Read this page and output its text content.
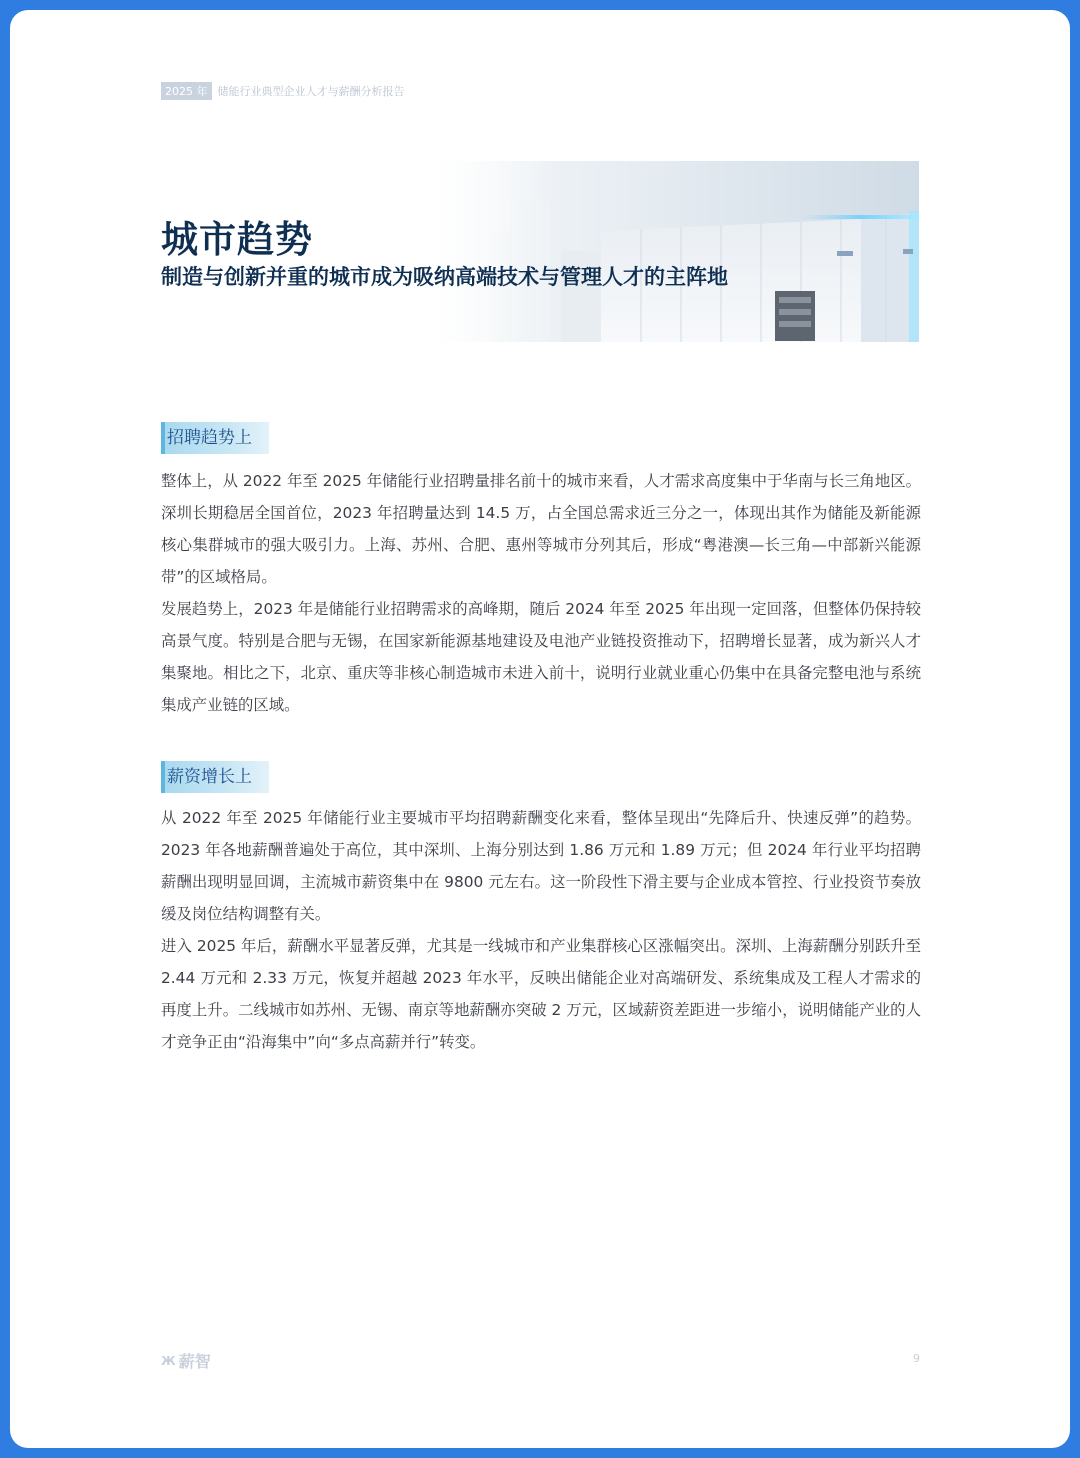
2025 年 储能行业典型企业人才与薪酬分析报告
城市趋势
制造与创新并重的城市成为吸纳高端技术与管理人才的主阵地
招聘趋势上

整体上，从 2022 年至 2025 年储能行业招聘量排名前十的城市来看，人才需求高度集中于华南与长三角地区。深圳长期稳居全国首位，2023 年招聘量达到 14.5 万，占全国总需求近三分之一，体现出其作为储能及新能源核心集群城市的强大吸引力。上海、苏州、合肥、惠州等城市分列其后，形成“粤港澳—长三角—中部新兴能源带”的区域格局。

发展趋势上，2023 年是储能行业招聘需求的高峰期，随后 2024 年至 2025 年出现一定回落，但整体仍保持较高景气度。特别是合肥与无锡，在国家新能源基地建设及电池产业链投资推动下，招聘增长显著，成为新兴人才集聚地。相比之下，北京、重庆等非核心制造城市未进入前十，说明行业就业重心仍集中在具备完整电池与系统集成产业链的区域。

薪资增长上

从 2022 年至 2025 年储能行业主要城市平均招聘薪酬变化来看，整体呈现出“先降后升、快速反弹”的趋势。2023 年各地薪酬普遍处于高位，其中深圳、上海分别达到 1.86 万元和 1.89 万元；但 2024 年行业平均招聘薪酬出现明显回调，主流城市薪资集中在 9800 元左右。这一阶段性下滑主要与企业成本管控、行业投资节奏放缓及岗位结构调整有关。

进入 2025 年后，薪酬水平显著反弹，尤其是一线城市和产业集群核心区涨幅突出。深圳、上海薪酬分别跃升至 2.44 万元和 2.33 万元，恢复并超越 2023 年水平，反映出储能企业对高端研发、系统集成及工程人才需求的再度上升。二线城市如苏州、无锡、南京等地薪酬亦突破 2 万元，区域薪资差距进一步缩小，说明储能产业的人才竞争正由“沿海集中”向“多点高薪并行”转变。

Ж 薪智	9
